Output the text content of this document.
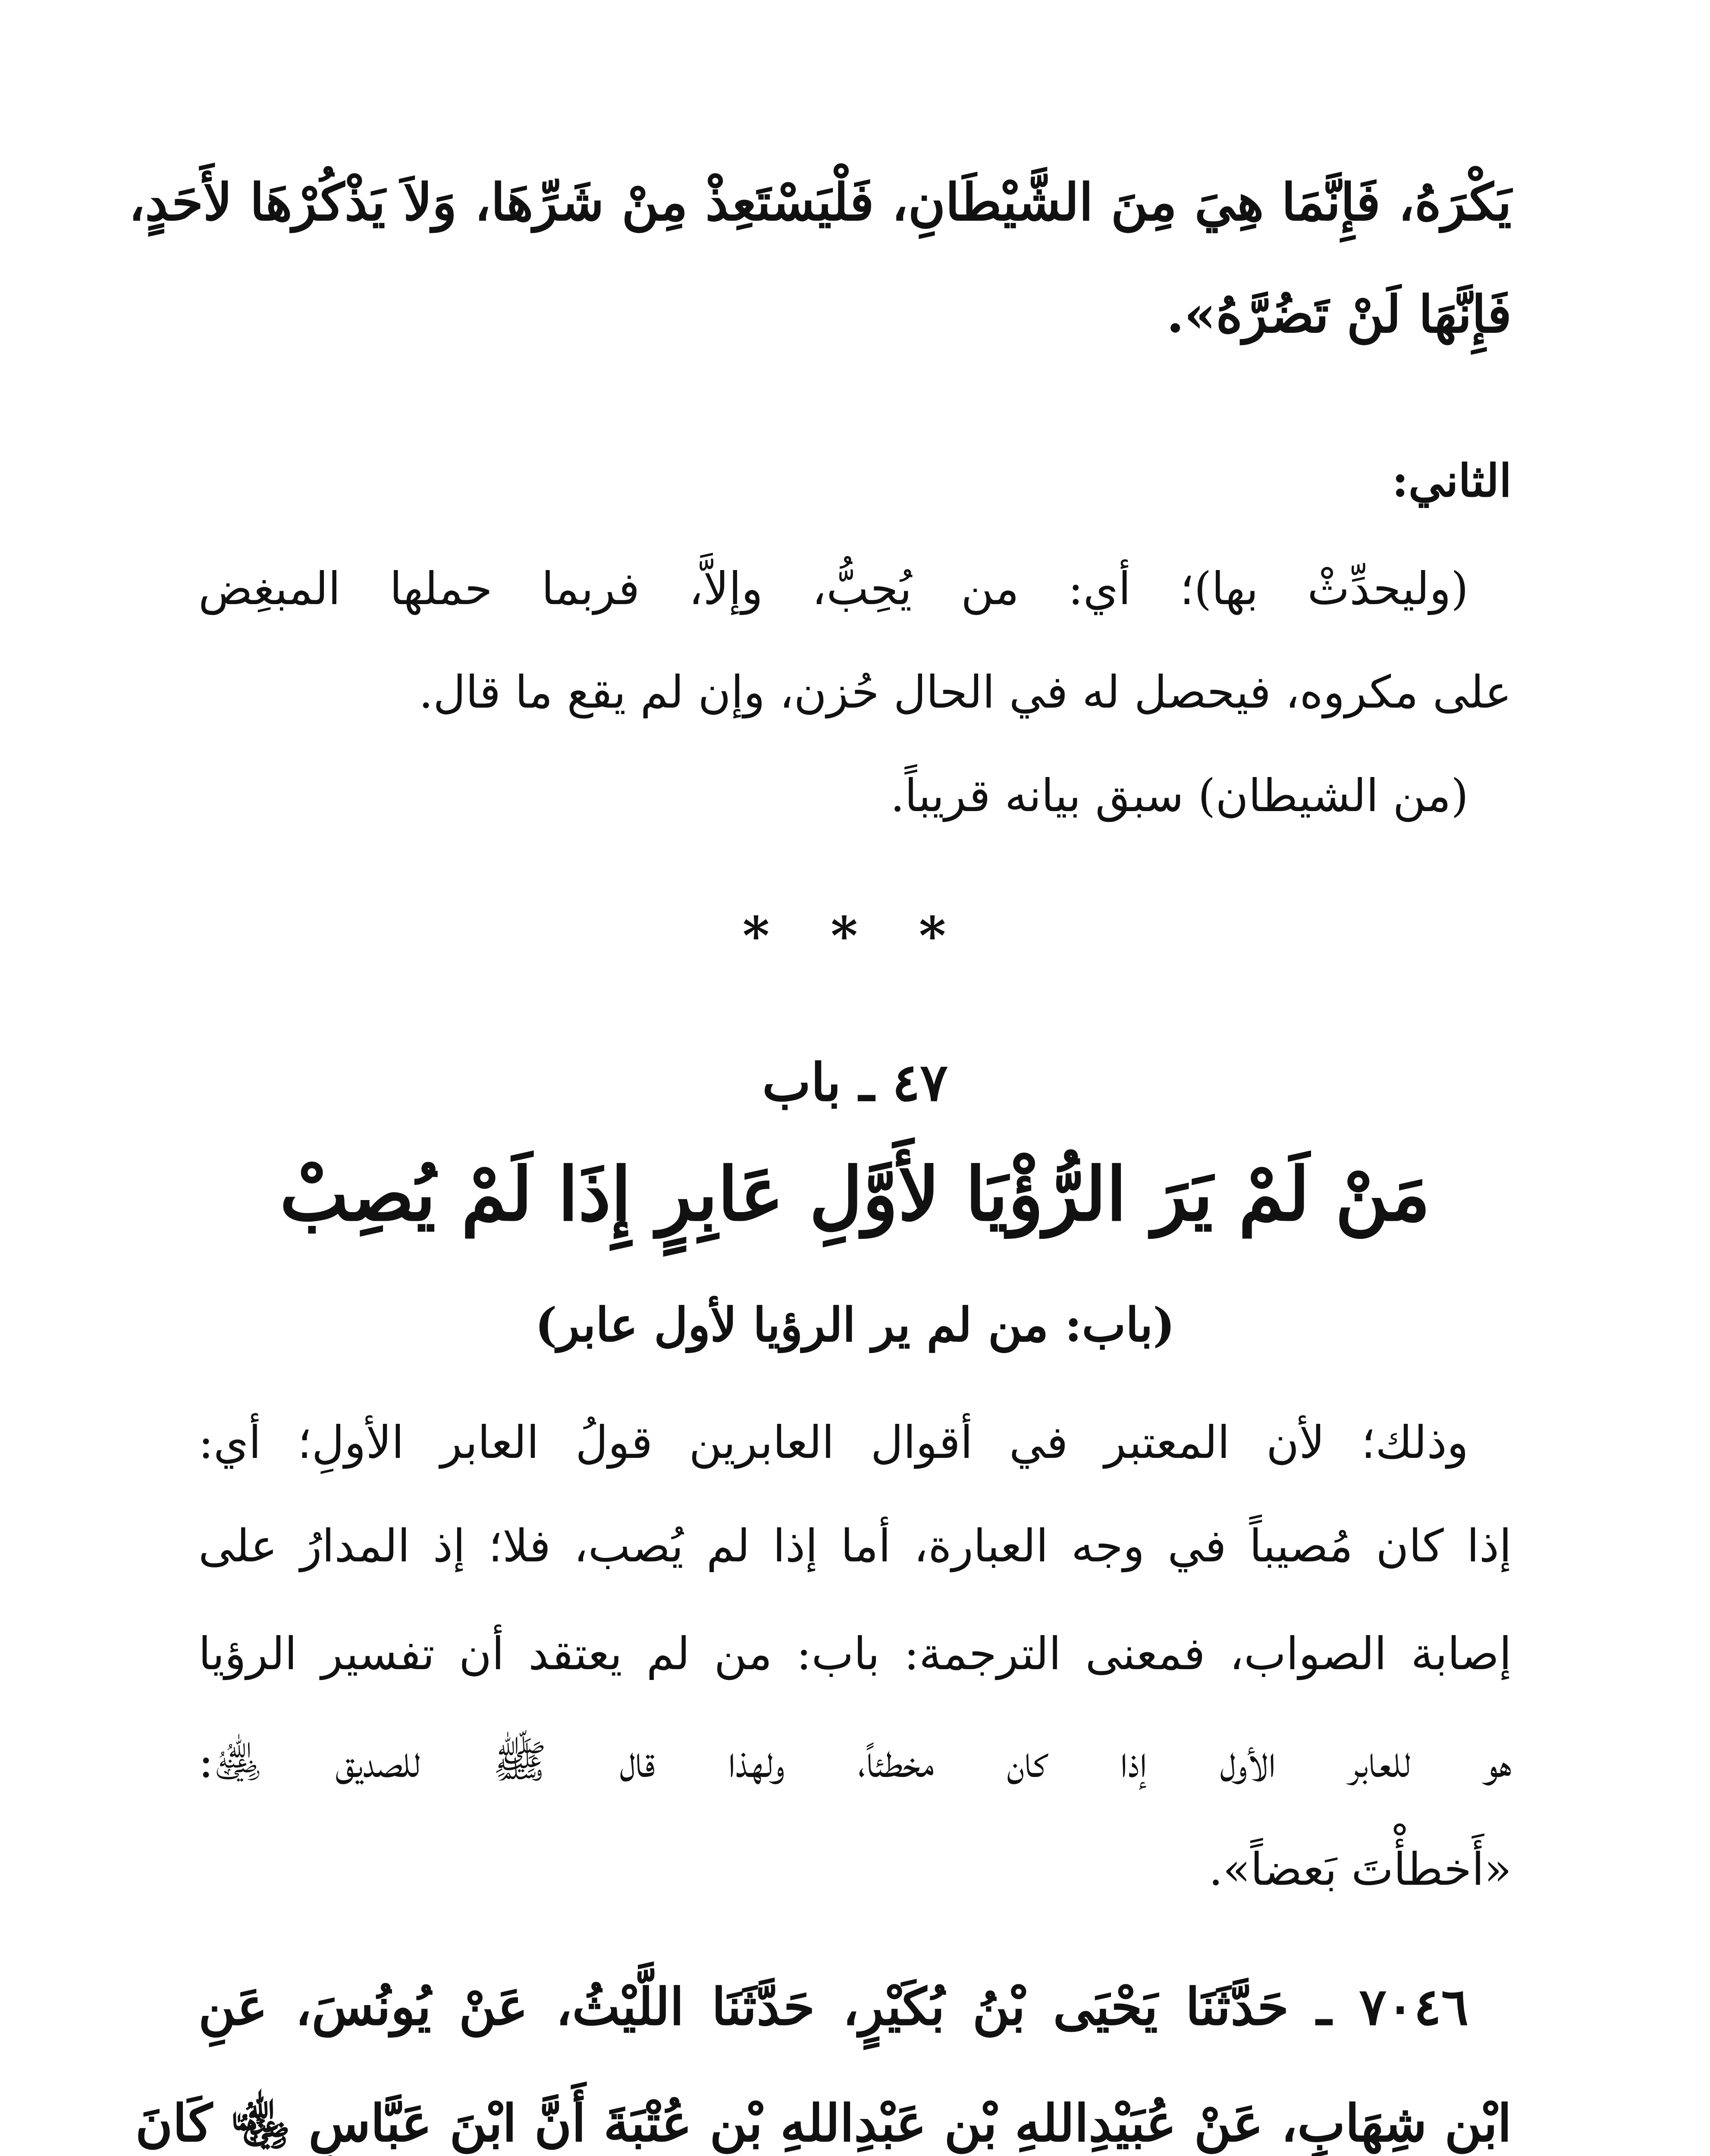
يَكْرَهُ، فَإِنَّمَا هِيَ مِنَ الشَّيْطَانِ، فَلْيَسْتَعِذْ مِنْ شَرِّهَا، وَلاَ يَذْكُرْهَا لأَحَدٍ،
فَإِنَّهَا لَنْ تَضُرَّهُ».
الثاني:
(وليحدِّثْ بها)؛ أي: من يُحِبُّ، وإلاَّ، فربما حملها المبغِض
على مكروه، فيحصل له في الحال حُزن، وإن لم يقع ما قال.
(من الشيطان) سبق بيانه قريباً.
* * *
٤٧ ـ باب
مَنْ لَمْ يَرَ الرُّؤْيَا لأَوَّلِ عَابِرٍ إِذَا لَمْ يُصِبْ
(باب: من لم ير الرؤيا لأول عابر)
وذلك؛ لأن المعتبر في أقوال العابرين قولُ العابر الأولِ؛ أي:
إذا كان مُصيباً في وجه العبارة، أما إذا لم يُصب، فلا؛ إذ المدارُ على
إصابة الصواب، فمعنى الترجمة: باب: من لم يعتقد أن تفسير الرؤيا
هو للعابر الأول إذا كان مخطئاً، ولهذا قال ﷺ للصديق ﵁:
«أَخطأْتَ بَعضاً».
٧٠٤٦ ـ حَدَّثَنَا يَحْيَى بْنُ بُكَيْرٍ، حَدَّثَنَا اللَّيْثُ، عَنْ يُونُسَ، عَنِ
ابْنِ شِهَابٍ، عَنْ عُبَيْدِاللهِ بْنِ عَبْدِاللهِ بْنِ عُتْبَةَ أَنَّ ابْنَ عَبَّاسٍ ﵄ كَانَ
